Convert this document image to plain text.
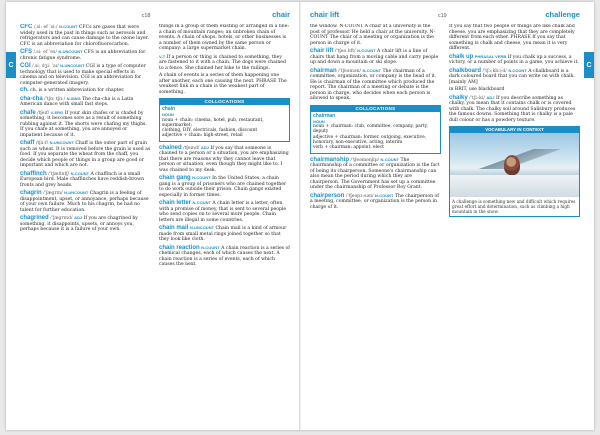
C
c18	chair
CFC /ˌsiː ef ˈsiː/ N-COUNT CFCs are gases that were widely used in the past in things such as aerosols and refrigerators and can cause damage to the ozone layer. CFC is an abbreviation for chlorofluorocarbon.
CFS /ˌsiː ef ˈes/ N-UNCOUNT CFS is an abbreviation for chronic fatigue syndrome.
CGI /ˌsiː dʒiː ˈaɪ/ N-UNCOUNT CGI is a type of computer technology that is used to make special effects in cinema and on television. CGI is an abbreviation for computer-generated imagery.
ch. ch. is a written abbreviation for chapter.
cha-cha /ˈtʃɑː tʃɑː/ N-SING The cha-cha is a Latin American dance with small fast steps.
chafe /tʃeɪf/ V-ERG If your skin chafes or is chafed by something, it becomes sore as a result of something rubbing against it. The shorts were chafing my thighs. If you chafe at something, you are annoyed or impatient because of it.
chaff /tʃɑːf/ N-UNCOUNT Chaff is the outer part of grain such as wheat. It is removed before the grain is used as food. If you separate the wheat from the chaff, you decide which people or things in a group are good or important and which are not.
chaffinch /ˈtʃæfɪntʃ/ N-COUNT A chaffinch is a small European bird. Male chaffinches have reddish-brown fronts and grey heads.
chagrin /ˈʃæɡrɪn/ N-UNCOUNT Chagrin is a feeling of disappointment, upset, or annoyance, perhaps because of your own failure. Much to his chagrin, he had no talent for further education.
chagrined /ˈʃæɡrɪnd/ ADJ If you are chagrined by something, it disappoints, upsets, or annoys you, perhaps because it is a failure of your own.
things in a group of them existing or arranged in a line: a chain of mountain ranges; an unbroken chain of events. A chain of shops, hotels, or other businesses is a number of them owned by the same person or company: a large supermarket chain.
V-T If a person or thing is chained to something, they are fastened to it with a chain. The dogs were chained to a fence. She chained her bike to the railings.
A chain of events is a series of them happening one after another, each one causing the next. PHRASE The weakest link in a chain is the weakest part of something.
COLLOCATIONS
chain
NOUN
noun + chain: cinema, hotel, pub, restaurant, supermarket;
clothing, DIY, electricals, fashion, discount
adjective + chain: high-street, retail
chained /tʃeɪnd/ ADJ If you say that someone is chained to a person or a situation, you are emphasizing that there are reasons why they cannot leave that person or situation, even though they might like to. I was chained to my desk.
chain gang N-COUNT In the United States, a chain gang is a group of prisoners who are chained together to do work outside their prison. Chain gangs existed especially in former times.
chain letter N-COUNT A chain letter is a letter, often with a promise of money, that is sent to several people who send copies on to several more people. Chain letters are illegal in some countries.
chain mail N-UNCOUNT Chain mail is a kind of armour made from small metal rings joined together so that they look like cloth.
chain reaction N-COUNT A chain reaction is a series of chemical changes, each of which causes the next. A chain reaction is a series of events, each of which causes the next.
C
chair lift	c19	challenge
the window. N-COUNT A chair at a university is the post of professor. He held a chair at the university. N-COUNT The chair of a meeting or organization is the person in charge of it.
chair lift /ˈtʃeə lɪft/ N-COUNT A chair lift is a line of chairs that hang from a moving cable and carry people up and down a mountain or ski slope.
chairman /ˈtʃeəmən/ N-COUNT The chairman of a committee, organization, or company is the head of it. He is chairman of the committee which produced the report. The chairman of a meeting or debate is the person in charge, who decides when each person is allowed to speak.
COLLOCATIONS
chairman
NOUN
noun + chairman: club, committee, company, party, deputy
adjective + chairman: former, outgoing, executive,
honorary, non-executive, acting, interim
verb + chairman: appoint, elect
chairmanship /ˈtʃeəmənʃɪp/ N-COUNT The chairmanship of a committee or organization is the fact of being its chairperson. Someone's chairmanship can also mean the period during which they are chairperson. The Government has set up a committee under the chairmanship of Professor Roy Grant.
chairperson /ˈtʃeəpɜːsən/ N-COUNT The chairperson of a meeting, committee, or organization is the person in charge of it.
If you say that two people or things are like chalk and cheese, you are emphasizing that they are completely different from each other. PHRASE If you say that something is chalk and cheese, you mean it is very different.
chalk up PHRASAL VERB If you chalk up a success, a victory, or a number of points in a game, you achieve it.
chalkboard /ˈtʃɔːkbɔːd/ N-COUNT A chalkboard is a dark coloured board that you can write on with chalk. [mainly AM]
in BRIT, use blackboard
chalky /ˈtʃɔːki/ ADJ If you describe something as chalky, you mean that it contains chalk or is covered with chalk. The chalky soil around Salisbury produces the famous downs. Something that is chalky is a pale dull colour or has a powdery texture.
VOCABULARY IN CONTEXT
A challenge is something new and difficult which requires great effort and determination, such as climbing a high mountain in the snow.
